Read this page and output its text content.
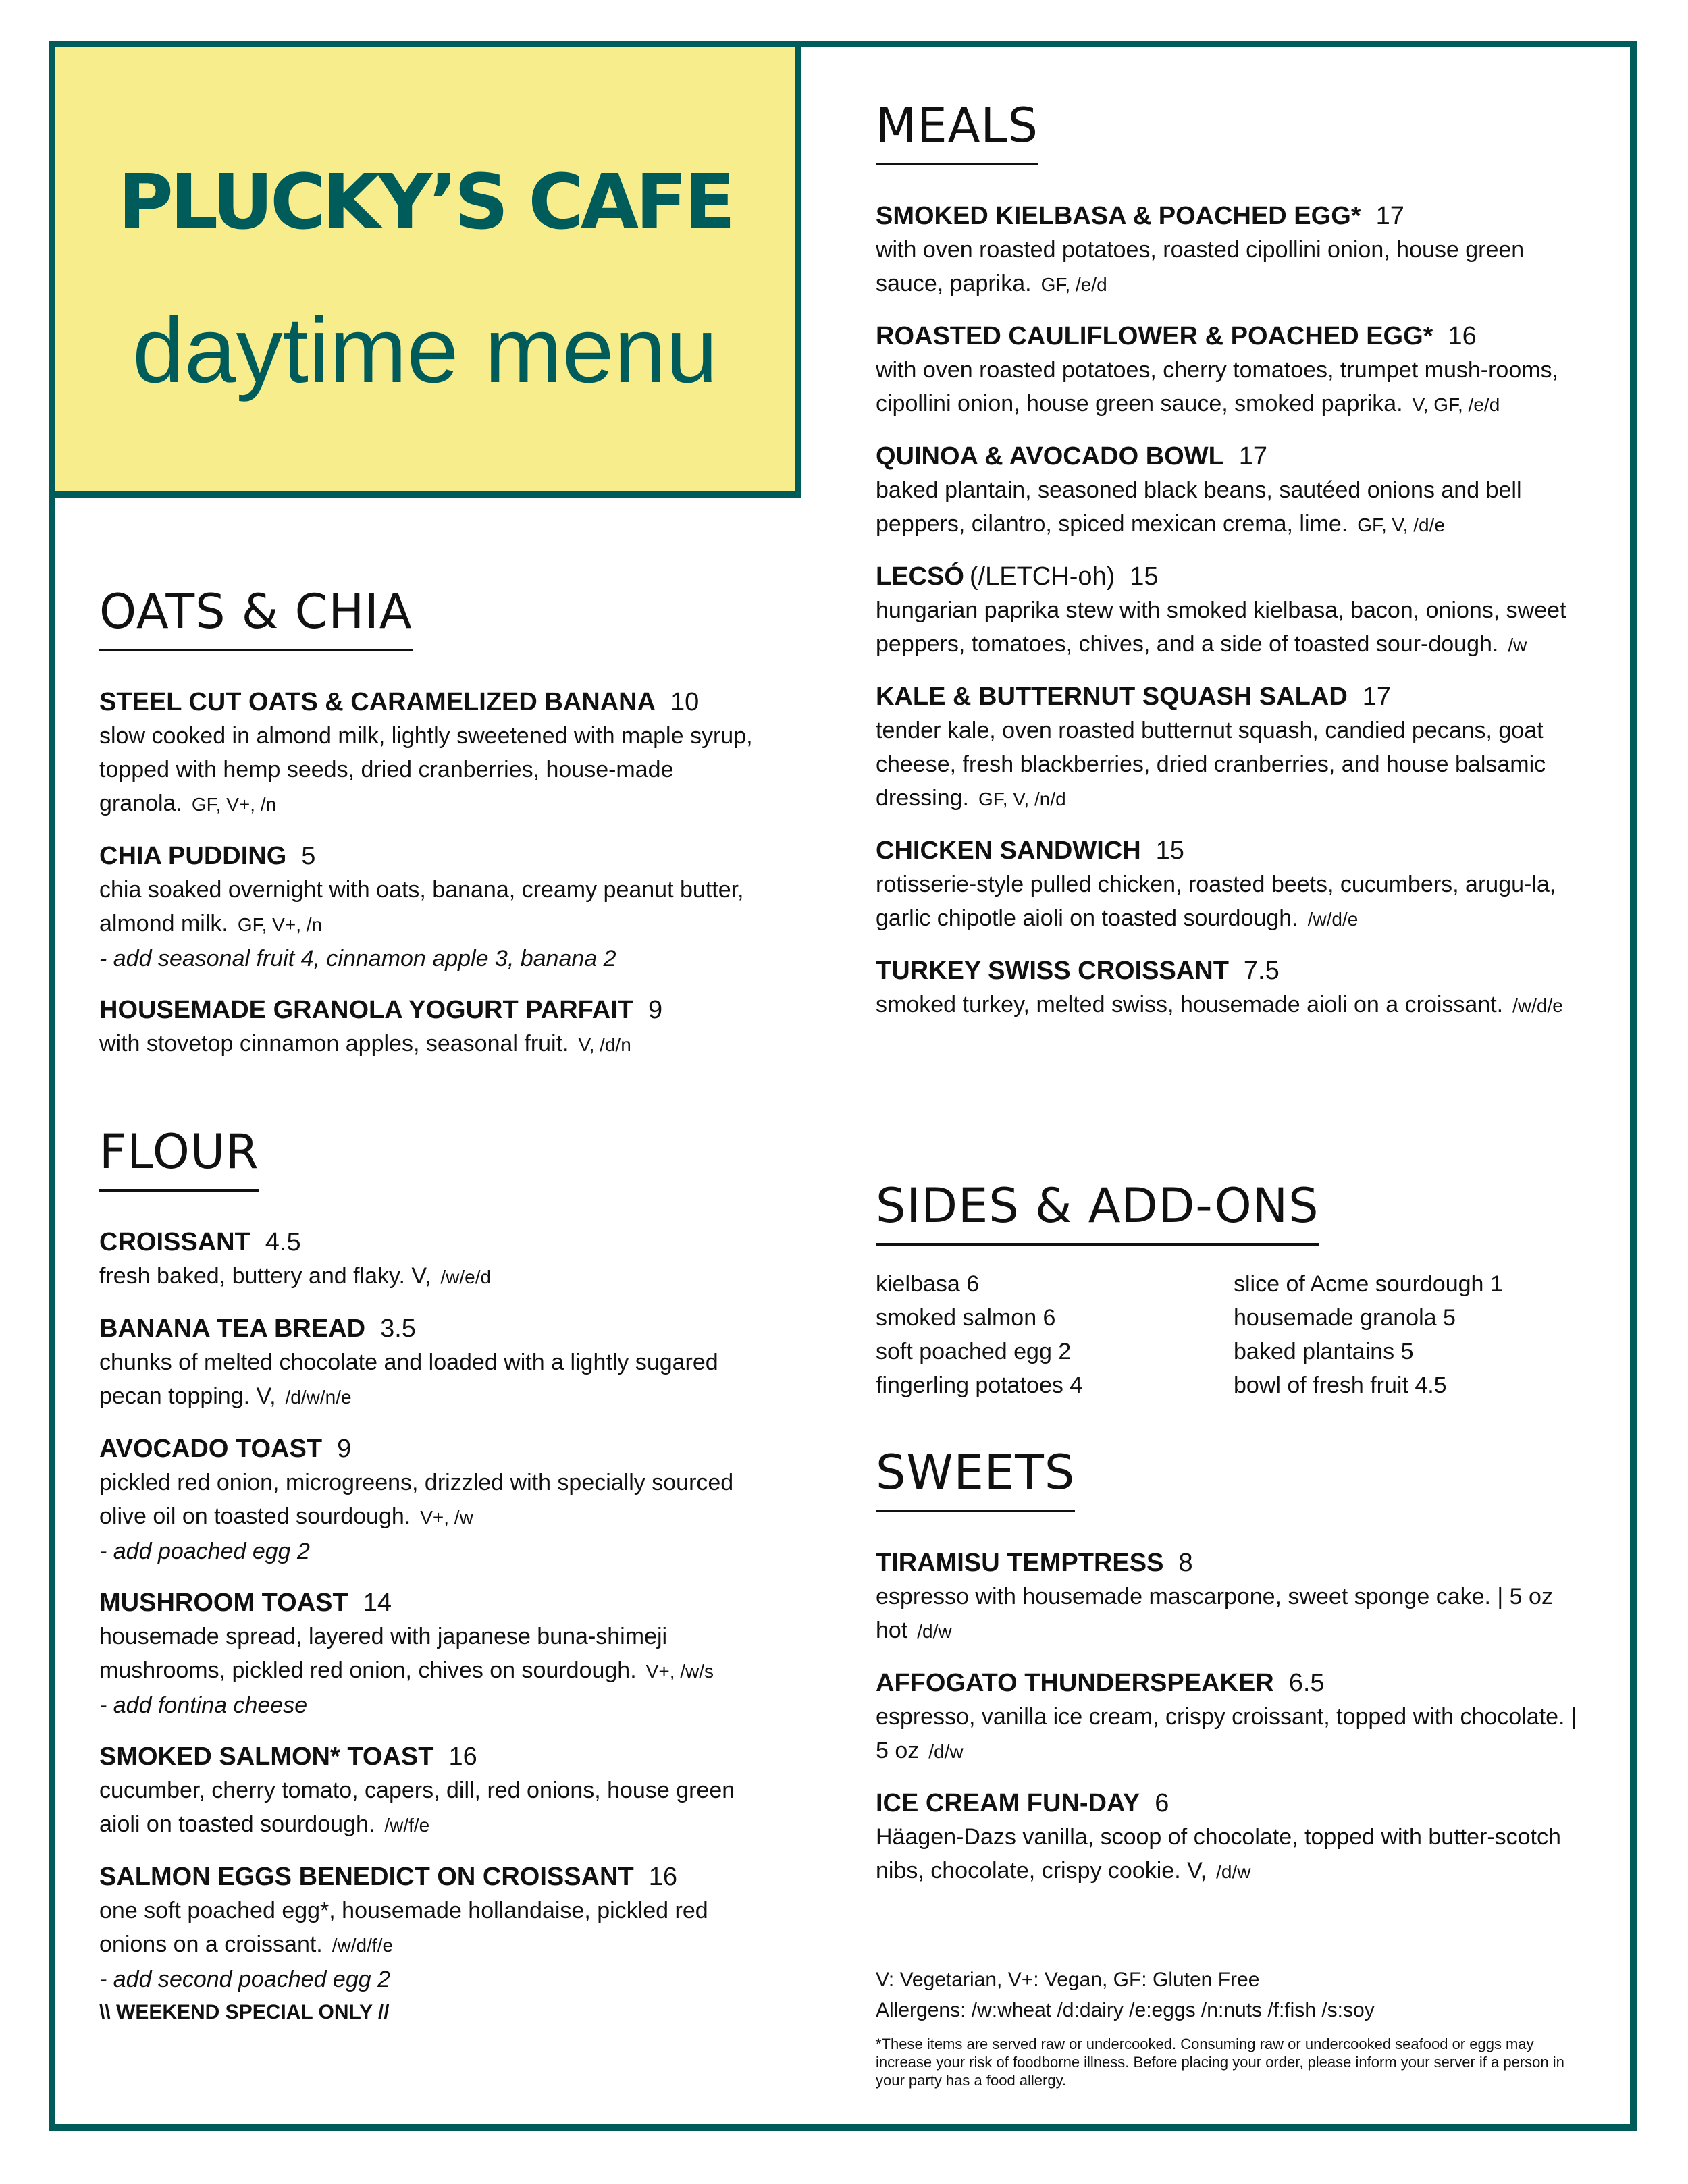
PLUCKY’S CAFE
daytime menu
OATS & CHIA
STEEL CUT OATS & CARAMELIZED BANANA 10
slow cooked in almond milk, lightly sweetened with maple syrup, topped with hemp seeds, dried cranberries, house-made granola. GF, V+, /n
CHIA PUDDING 5
chia soaked overnight with oats, banana, creamy peanut butter, almond milk. GF, V+, /n
- add seasonal fruit 4, cinnamon apple 3, banana 2
HOUSEMADE GRANOLA YOGURT PARFAIT 9
with stovetop cinnamon apples, seasonal fruit. V, /d/n
FLOUR
CROISSANT 4.5
fresh baked, buttery and flaky. V, /w/e/d
BANANA TEA BREAD 3.5
chunks of melted chocolate and loaded with a lightly sugared pecan topping. V, /d/w/n/e
AVOCADO TOAST 9
pickled red onion, microgreens, drizzled with specially sourced olive oil on toasted sourdough. V+, /w
- add poached egg 2
MUSHROOM TOAST 14
housemade spread, layered with japanese buna-shimeji mushrooms, pickled red onion, chives on sourdough. V+, /w/s
- add fontina cheese
SMOKED SALMON* TOAST 16
cucumber, cherry tomato, capers, dill, red onions, house green aioli on toasted sourdough. /w/f/e
SALMON EGGS BENEDICT ON CROISSANT 16
one soft poached egg*, housemade hollandaise, pickled red onions on a croissant. /w/d/f/e
- add second poached egg 2
\\ WEEKEND SPECIAL ONLY //
MEALS
SMOKED KIELBASA & POACHED EGG* 17
with oven roasted potatoes, roasted cipollini onion, house green sauce, paprika. GF, /e/d
ROASTED CAULIFLOWER & POACHED EGG* 16
with oven roasted potatoes, cherry tomatoes, trumpet mush-rooms, cipollini onion, house green sauce, smoked paprika. V, GF, /e/d
QUINOA & AVOCADO BOWL 17
baked plantain, seasoned black beans, sautéed onions and bell peppers, cilantro, spiced mexican crema, lime. GF, V, /d/e
LECSÓ (/LETCH-oh) 15
hungarian paprika stew with smoked kielbasa, bacon, onions, sweet peppers, tomatoes, chives, and a side of toasted sour-dough. /w
KALE & BUTTERNUT SQUASH SALAD 17
tender kale, oven roasted butternut squash, candied pecans, goat cheese, fresh blackberries, dried cranberries, and house balsamic dressing. GF, V, /n/d
CHICKEN SANDWICH 15
rotisserie-style pulled chicken, roasted beets, cucumbers, arugu-la, garlic chipotle aioli on toasted sourdough. /w/d/e
TURKEY SWISS CROISSANT 7.5
smoked turkey, melted swiss, housemade aioli on a croissant. /w/d/e
SIDES & ADD-ONS
kielbasa 6
smoked salmon 6
soft poached egg 2
fingerling potatoes 4
slice of Acme sourdough 1
housemade granola 5
baked plantains 5
bowl of fresh fruit 4.5
SWEETS
TIRAMISU TEMPTRESS 8
espresso with housemade mascarpone, sweet sponge cake. | 5 oz hot /d/w
AFFOGATO THUNDERSPEAKER 6.5
espresso, vanilla ice cream, crispy croissant, topped with chocolate. | 5 oz /d/w
ICE CREAM FUN-DAY 6
Häagen-Dazs vanilla, scoop of chocolate, topped with butter-scotch nibs, chocolate, crispy cookie. V, /d/w
V: Vegetarian, V+: Vegan, GF: Gluten Free
Allergens: /w:wheat /d:dairy /e:eggs /n:nuts /f:fish /s:soy
*These items are served raw or undercooked. Consuming raw or undercooked seafood or eggs may increase your risk of foodborne illness. Before placing your order, please inform your server if a person in your party has a food allergy.
